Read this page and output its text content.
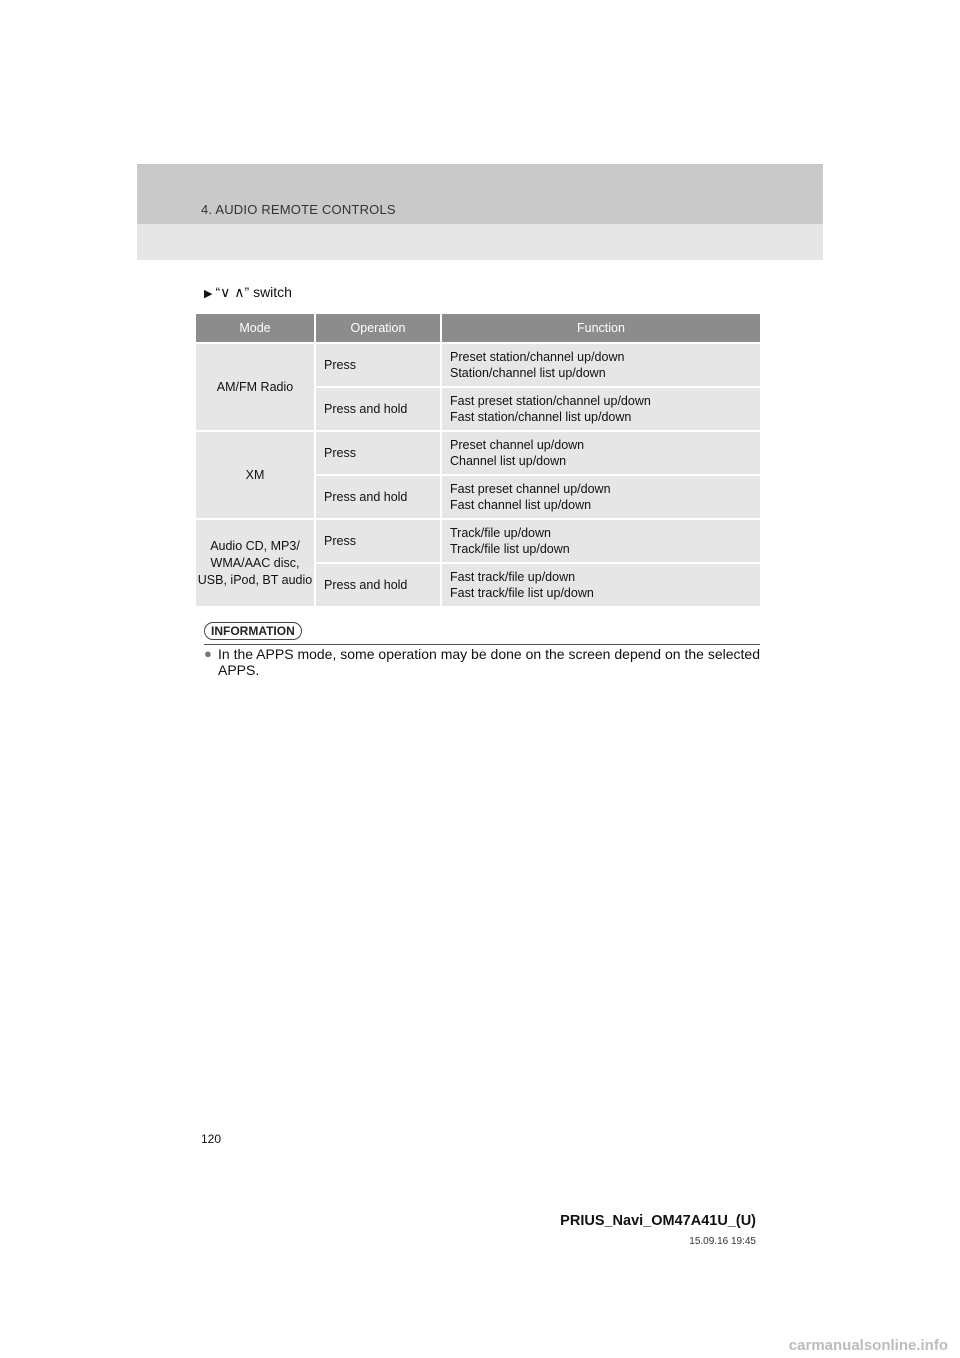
4. AUDIO REMOTE CONTROLS
▶ “∨ ∧” switch
Mode	Operation	Function
AM/FM Radio	Press	Preset station/channel up/down
Station/channel list up/down

	Press and hold	Fast preset station/channel up/down
Fast station/channel list up/down

XM	Press	Preset channel up/down
Channel list up/down

	Press and hold	Fast preset channel up/down
Fast channel list up/down

Audio CD, MP3/ WMA/AAC disc, USB, iPod, BT audio	Press	Track/file up/down
Track/file list up/down

	Press and hold	Fast track/file up/down
Fast track/file list up/down
INFORMATION
● In the APPS mode, some operation may be done on the screen depend on the selected APPS.
120
PRIUS_Navi_OM47A41U_(U)
15.09.16 19:45
carmanualsonline.info
